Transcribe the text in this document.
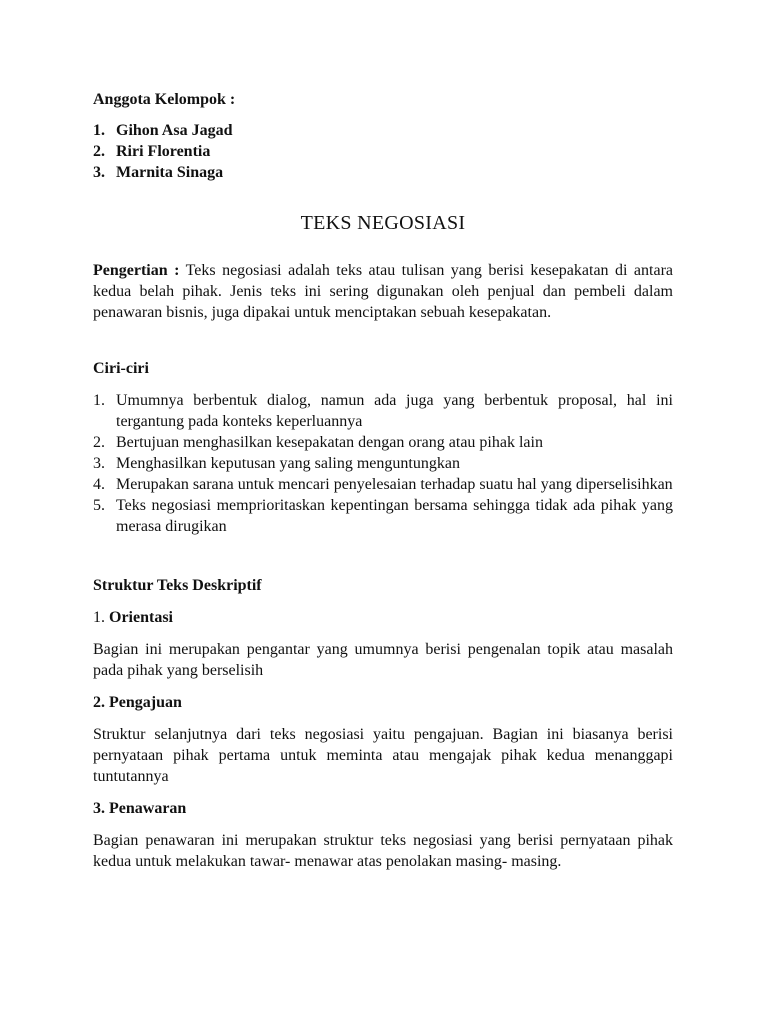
Anggota Kelompok :

1. Gihon Asa Jagad
2. Riri Florentia
3. Marnita Sinaga
TEKS NEGOSIASI

Pengertian : Teks negosiasi adalah teks atau tulisan yang berisi kesepakatan di antara kedua belah pihak. Jenis teks ini sering digunakan oleh penjual dan pembeli dalam penawaran bisnis, juga dipakai untuk menciptakan sebuah kesepakatan.

Ciri-ciri

1. Umumnya berbentuk dialog, namun ada juga yang berbentuk proposal, hal ini tergantung pada konteks keperluannya
2. Bertujuan menghasilkan kesepakatan dengan orang atau pihak lain
3. Menghasilkan keputusan yang saling menguntungkan
4. Merupakan sarana untuk mencari penyelesaian terhadap suatu hal yang diperselisihkan
5. Teks negosiasi memprioritaskan kepentingan bersama sehingga tidak ada pihak yang merasa dirugikan

Struktur Teks Deskriptif

1. Orientasi

Bagian ini merupakan pengantar yang umumnya berisi pengenalan topik atau masalah pada pihak yang berselisih

2. Pengajuan

Struktur selanjutnya dari teks negosiasi yaitu pengajuan. Bagian ini biasanya berisi pernyataan pihak pertama untuk meminta atau mengajak pihak kedua menanggapi tuntutannya

3. Penawaran

Bagian penawaran ini merupakan struktur teks negosiasi yang berisi pernyataan pihak kedua untuk melakukan tawar- menawar atas penolakan masing- masing.
